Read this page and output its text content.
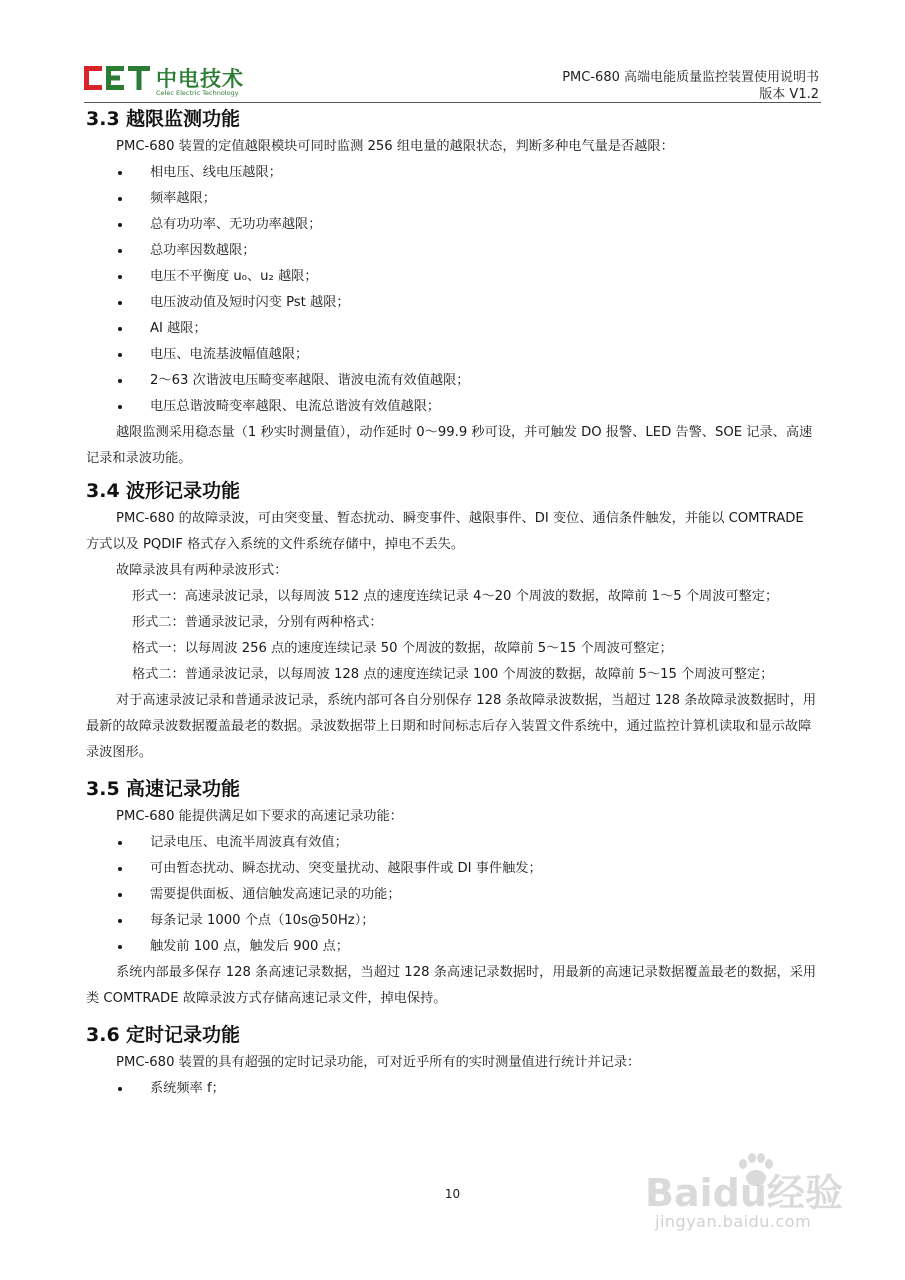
中电技术
Celec Electric Technology
PMC-680 高端电能质量监控装置使用说明书
版本 V1.2
3.3 越限监测功能

PMC-680 装置的定值越限模块可同时监测 256 组电量的越限状态，判断多种电气量是否越限：

相电压、线电压越限；
频率越限；
总有功功率、无功功率越限；
总功率因数越限；
电压不平衡度 u₀、u₂ 越限；
电压波动值及短时闪变 Pst 越限；
AI 越限；
电压、电流基波幅值越限；
2～63 次谐波电压畸变率越限、谐波电流有效值越限；
电压总谐波畸变率越限、电流总谐波有效值越限；

越限监测采用稳态量（1 秒实时测量值），动作延时 0～99.9 秒可设，并可触发 DO 报警、LED 告警、SOE 记录、高速记录和录波功能。

3.4 波形记录功能

PMC-680 的故障录波，可由突变量、暂态扰动、瞬变事件、越限事件、DI 变位、通信条件触发，并能以 COMTRADE 方式以及 PQDIF 格式存入系统的文件系统存储中，掉电不丢失。

故障录波具有两种录波形式：

形式一：高速录波记录，以每周波 512 点的速度连续记录 4～20 个周波的数据，故障前 1～5 个周波可整定；

形式二：普通录波记录，分别有两种格式：

格式一：以每周波 256 点的速度连续记录 50 个周波的数据，故障前 5～15 个周波可整定；

格式二：普通录波记录，以每周波 128 点的速度连续记录 100 个周波的数据，故障前 5～15 个周波可整定；

对于高速录波记录和普通录波记录，系统内部可各自分别保存 128 条故障录波数据，当超过 128 条故障录波数据时，用最新的故障录波数据覆盖最老的数据。录波数据带上日期和时间标志后存入装置文件系统中，通过监控计算机读取和显示故障录波图形。

3.5 高速记录功能

PMC-680 能提供满足如下要求的高速记录功能：

记录电压、电流半周波真有效值；
可由暂态扰动、瞬态扰动、突变量扰动、越限事件或 DI 事件触发；
需要提供面板、通信触发高速记录的功能；
每条记录 1000 个点（10s@50Hz）；
触发前 100 点，触发后 900 点；

系统内部最多保存 128 条高速记录数据，当超过 128 条高速记录数据时，用最新的高速记录数据覆盖最老的数据，采用类 COMTRADE 故障录波方式存储高速记录文件，掉电保持。

3.6 定时记录功能

PMC-680 装置的具有超强的定时记录功能，可对近乎所有的实时测量值进行统计并记录：

系统频率 f；
10	Baidu经验
jingyan.baidu.com
